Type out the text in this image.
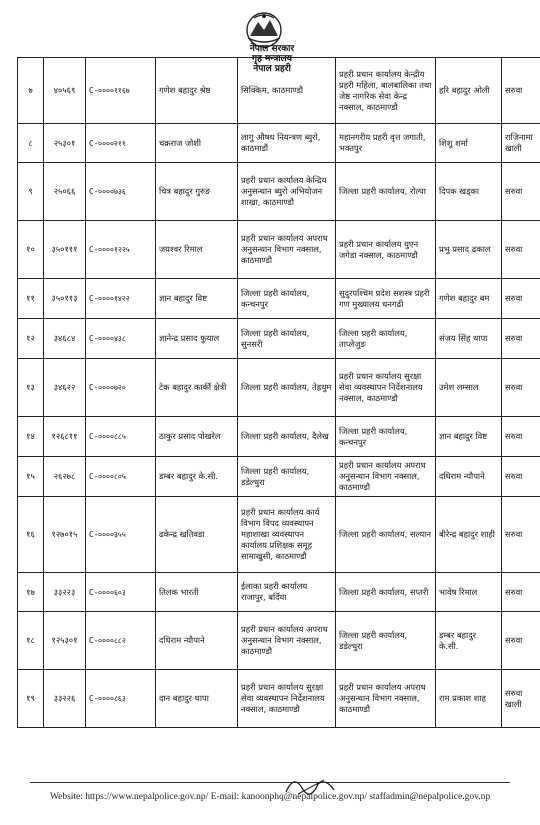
नेपाल सरकार
गृह मन्त्रालय
नेपाल प्रहरी
७	४०५६९	C-००००११६७	गणेश बहादुर श्रेष्ठ	सिक्किम, काठमाण्डौ	प्रहरी प्रधान कार्यालय केन्द्रीय प्रहरी महिला, बालबालिका तथा जेष्ठ नागरिक सेवा केन्द्र नक्साल, काठमाण्डौ	हरि बहादुर ओली	सरुवा
८	२५३०१	C-००००२११	चक्रराज जोशी	लागु औषध नियन्त्रण ब्युरो, काठमाडौं	महानगरीय प्रहरी वृत्त जगाती, भक्तपुर	शिशु शर्मा	राजिनामा खाली
९	२५०६६	C-००००७३६	चित्र बहादुर गुरुङ	प्रहरी प्रधान कार्यालय केन्द्रिय अनुसन्धान ब्युरो अभियोजन शाखा, काठमाण्डौ	जिल्ला प्रहरी कार्यालय, रोल्पा	दिपक खड्का	सरुवा
१०	३५०१११	C-००००१२२५	जयश्वर रिमाल	प्रहरी प्रधान कार्यालय अपराध अनुसन्धान विभाग नक्साल, काठमाण्डौ	प्रहरी प्रधान कार्यालय युएन जगेडा नक्साल, काठमाण्डौ	प्रभु प्रसाद ढकाल	सरुवा
११	३५०११३	C-००००१४२२	ज्ञान बहादुर विष्ट	जिल्ला प्रहरी कार्यालय, कन्चनपुर	सुदुरपश्चिम प्रदेश सशस्त्र प्रहरी गण मुख्यालय धनगढी	गणेश बहादुर बम	सरुवा
१२	३४६८४	C-००००४३८	ज्ञानेन्द्र प्रसाद फुयाल	जिल्ला प्रहरी कार्यालय, सुनसरी	जिल्ला प्रहरी कार्यालय, ताप्लेजुङ	संजय सिंह थापा	सरुवा
१३	३४६२२	C-००००७२०	टेक बहादुर कार्की क्षेत्री	जिल्ला प्रहरी कार्यालय, तेह्रथुम	प्रहरी प्रधान कार्यालय सुरक्षा सेवा व्यवस्थापन निर्देशनालय नक्साल, काठमाण्डौ	उमेश लम्साल	सरुवा
१४	१२६८११	C-००००८८५	ठाकुर प्रसाद पोखरेल	जिल्ला प्रहरी कार्यालय, दैलेख	जिल्ला प्रहरी कार्यालय, कन्चनपुर	ज्ञान बहादुर विष्ट	सरुवा
१५	२६२७८	C-००००८०५	डम्बर बहादुर के.सी.	जिल्ला प्रहरी कार्यालय, डडेल्धुरा	प्रहरी प्रधान कार्यालय अपराध अनुसन्धान विभाग नक्साल, काठमाण्डौ	दधिराम न्यौपाने	सरुवा
१६	१२७०१५	C-००००३५५	ढकेन्द्र खतिवडा	प्रहरी प्रधान कार्यालय कार्य विभाग विपद व्यवस्थापन महाशाखा व्यवस्थापन कार्यालय प्रशिक्षक समूह सामाखुसी, काठमाण्डौ	जिल्ला प्रहरी कार्यालय, सल्यान	बीरेन्द्र बहादुर शाही	सरुवा
१७	३३२२३	C-००००६०३	तिलक भारती	ईलाका प्रहरी कार्यालय राजापुर, बर्दिया	जिल्ला प्रहरी कार्यालय, सप्तरी	भावेष रिमाल	सरुवा
१८	१२५३०१	C-००००८८२	दधिराम न्यौपाने	प्रहरी प्रधान कार्यालय अपराध अनुसन्धान विभाग नक्साल, काठमाण्डौ	जिल्ला प्रहरी कार्यालय, डडेल्धुरा	डम्बर बहादुर के.सी.	सरुवा
१९	३३२२६	C-००००८६३	दान बहादुर थापा	प्रहरी प्रधान कार्यालय सुरक्षा सेवा व्यवस्थापन निर्देशनालय नक्साल, काठमाण्डौ	प्रहरी प्रधान कार्यालय अपराध अनुसन्धान विभाग नक्साल, काठमाण्डौ	राम प्रकाश शाह	सरुवा खाली
Website: https://www.nepalpolice.gov.np/ E-mail: kanoonphq@nepalpolice.gov.np/ staffadmin@nepalpolice.gov.np
